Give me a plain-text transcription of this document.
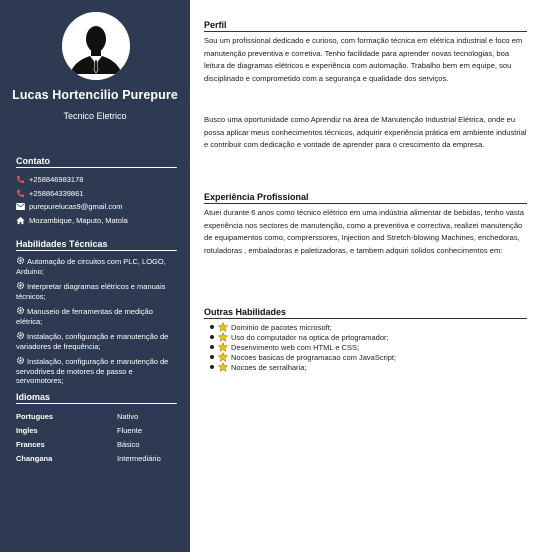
Lucas Hortencilio Purepure
Tecnico Eletrico
Contato
+258846983178
+258864339861
purepurelucas9@gmail.com
Mozambique, Maputo, Matola
Habilidades Técnicas
Automação de circuitos com PLC, LOGO, Arduino;
Interpretar diagramas elétricos e manuais técnicos;
Manuseio de ferramentas de medição elétrica;
Instalação, configuração e manutenção de variadores de frequência;
Instalação, configuração e manutenção de servodrives de motores de passo e servomotores;
Idiomas
Portugues	Nativo
Ingles	Fluente
Frances	Básico
Changana	Intermediário
Perfil

Sou um profissional dedicado e curioso, com formação técnica em elétrica industrial e foco em manutenção preventiva e corretiva. Tenho facilidade para aprender novas tecnologias, boa leitura de diagramas elétricos e experiência com automação. Trabalho bem em equipe, sou disciplinado e comprometido com a segurança e qualidade dos serviços.

Busco uma oportunidade como Aprendiz na área de Manutenção Industrial Elétrica, onde eu possa aplicar meus conhecimentos técnicos, adquirir experiência prática em ambiente industrial e contribuir com dedicação e vontade de aprender para o crescimento da empresa.

Experiência Profissional

Atuei durante 6 anos como técnico elétrico em uma indústria alimentar de bebidas, tenho vasta experiência nos sectores de manutenção, como a preventiva e correctiva, realizei manutenção de equipamentos como, comprerssores, Injection and Stretch-blowing Machines, enchedoras, rotuladoras , embaladoras e paletizadoras, e tambem adquiri solidos conhecimentos em:

Outras Habilidades
Dominio de pacotes microsoft;
Uso do computador na optica de prtogramador;
Desenvimento web com HTML e CSS;
Nocoes basicas de programacao com JavaScript;
Nocoes de serralharia;
